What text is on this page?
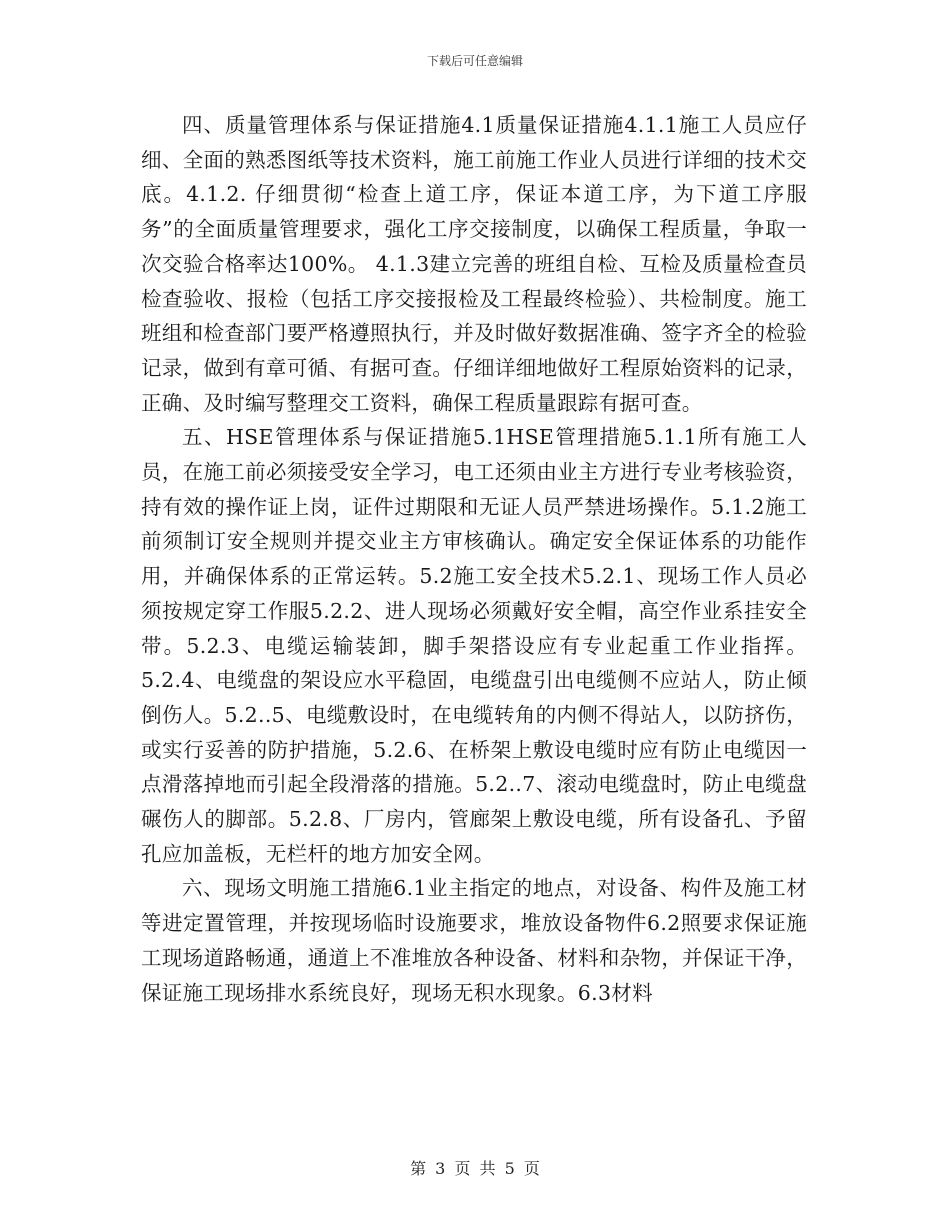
下载后可任意编辑

四、质量管理体系与保证措施4.1质量保证措施4.1.1施工人员应仔细、全面的熟悉图纸等技术资料，施工前施工作业人员进行详细的技术交底。4.1.2. 仔细贯彻“检查上道工序，保证本道工序，为下道工序服务”的全面质量管理要求，强化工序交接制度，以确保工程质量，争取一次交验合格率达100%。 4.1.3建立完善的班组自检、互检及质量检查员检查验收、报检（包括工序交接报检及工程最终检验）、共检制度。施工班组和检查部门要严格遵照执行，并及时做好数据准确、签字齐全的检验记录，做到有章可循、有据可查。仔细详细地做好工程原始资料的记录，正确、及时编写整理交工资料，确保工程质量跟踪有据可查。

五、HSE管理体系与保证措施5.1HSE管理措施5.1.1所有施工人员，在施工前必须接受安全学习，电工还须由业主方进行专业考核验资，持有效的操作证上岗，证件过期限和无证人员严禁进场操作。5.1.2施工前须制订安全规则并提交业主方审核确认。确定安全保证体系的功能作用，并确保体系的正常运转。5.2施工安全技术5.2.1、现场工作人员必须按规定穿工作服5.2.2、进人现场必须戴好安全帽，高空作业系挂安全带。5.2.3、电缆运输装卸，脚手架搭设应有专业起重工作业指挥。5.2.4、电缆盘的架设应水平稳固，电缆盘引出电缆侧不应站人，防止倾倒伤人。5.2..5、电缆敷设时，在电缆转角的内侧不得站人，以防挤伤，或实行妥善的防护措施，5.2.6、在桥架上敷设电缆时应有防止电缆因一点滑落掉地而引起全段滑落的措施。5.2..7、滚动电缆盘时，防止电缆盘碾伤人的脚部。5.2.8、厂房内，管廊架上敷设电缆，所有设备孔、予留孔应加盖板，无栏杆的地方加安全网。

六、现场文明施工措施6.1业主指定的地点，对设备、构件及施工材等进定置管理，并按现场临时设施要求，堆放设备物件6.2照要求保证施工现场道路畅通，通道上不准堆放各种设备、材料和杂物，并保证干净，保证施工现场排水系统良好，现场无积水现象。6.3材料

第 3 页 共 5 页
